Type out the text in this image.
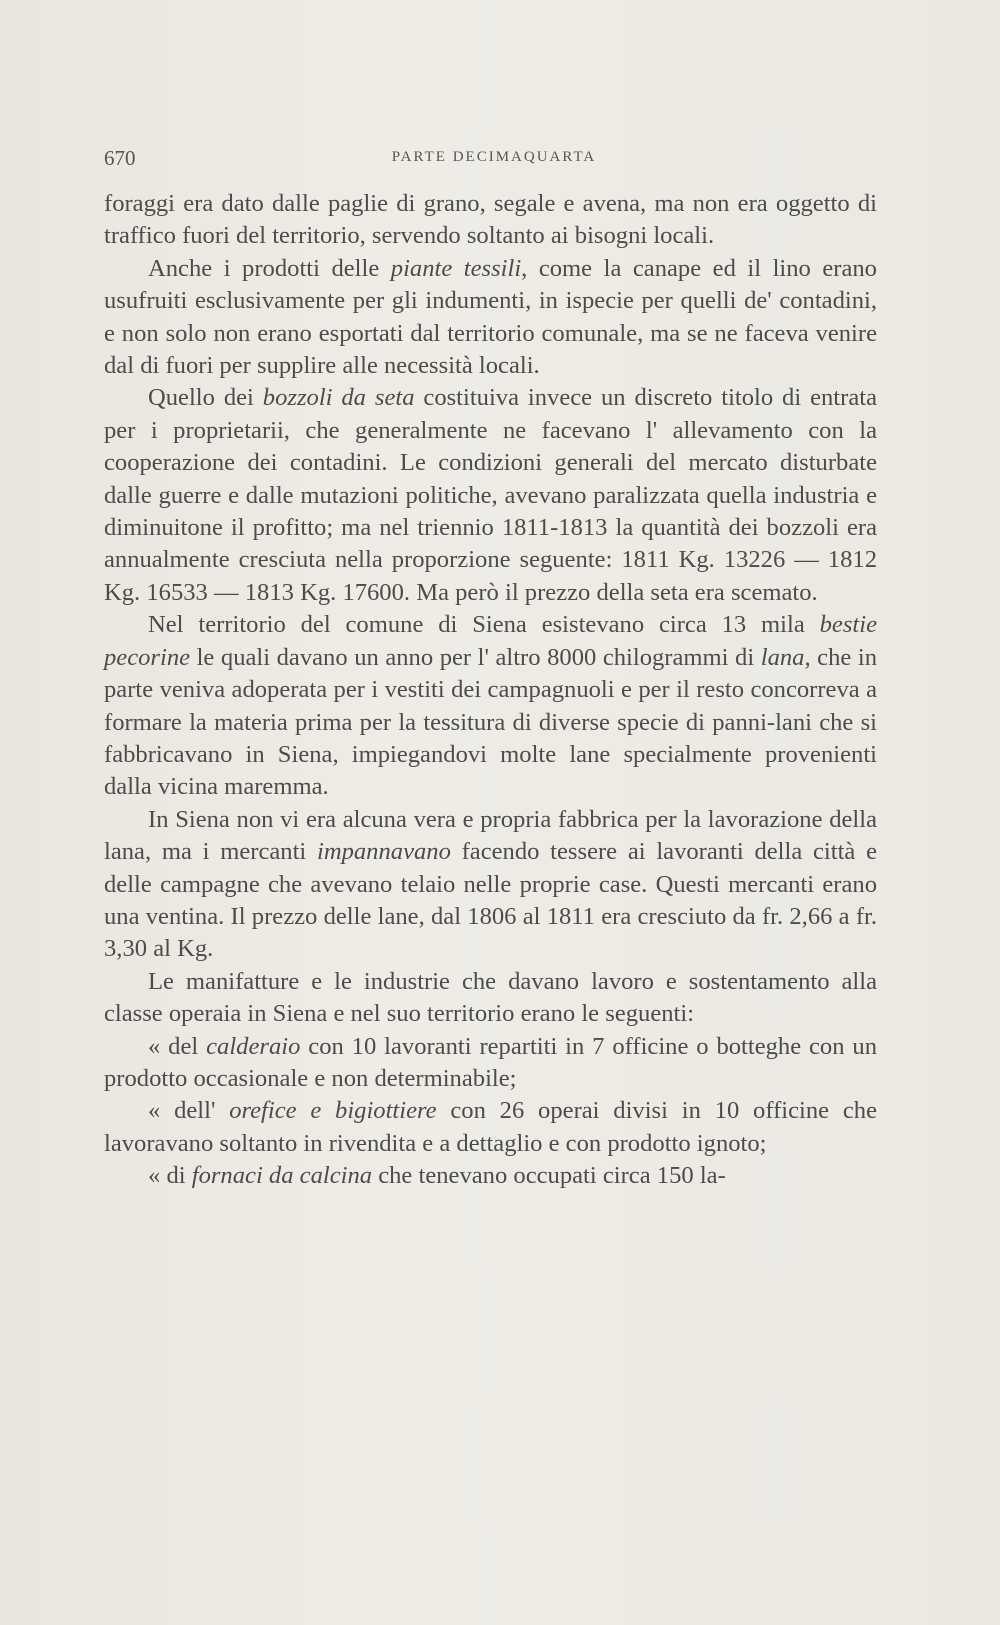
670	PARTE DECIMAQUARTA

foraggi era dato dalle paglie di grano, segale e avena, ma non era oggetto di traffico fuori del territorio, servendo soltanto ai bisogni locali.

Anche i prodotti delle piante tessili, come la canape ed il lino erano usufruiti esclusivamente per gli indumenti, in ispecie per quelli de' contadini, e non solo non erano esportati dal territorio comunale, ma se ne faceva venire dal di fuori per supplire alle necessità locali.

Quello dei bozzoli da seta costituiva invece un discreto titolo di entrata per i proprietarii, che generalmente ne facevano l' allevamento con la cooperazione dei contadini. Le condizioni generali del mercato disturbate dalle guerre e dalle mutazioni politiche, avevano paralizzata quella industria e diminuitone il profitto; ma nel triennio 1811-1813 la quantità dei bozzoli era annualmente cresciuta nella proporzione seguente: 1811 Kg. 13226 — 1812 Kg. 16533 — 1813 Kg. 17600. Ma però il prezzo della seta era scemato.

Nel territorio del comune di Siena esistevano circa 13 mila bestie pecorine le quali davano un anno per l' altro 8000 chilogrammi di lana, che in parte veniva adoperata per i vestiti dei campagnuoli e per il resto concorreva a formare la materia prima per la tessitura di diverse specie di panni-lani che si fabbricavano in Siena, impiegandovi molte lane specialmente provenienti dalla vicina maremma.

In Siena non vi era alcuna vera e propria fabbrica per la lavorazione della lana, ma i mercanti impannavano facendo tessere ai lavoranti della città e delle campagne che avevano telaio nelle proprie case. Questi mercanti erano una ventina. Il prezzo delle lane, dal 1806 al 1811 era cresciuto da fr. 2,66 a fr. 3,30 al Kg.

Le manifatture e le industrie che davano lavoro e sostentamento alla classe operaia in Siena e nel suo territorio erano le seguenti:

« del calderaio con 10 lavoranti repartiti in 7 officine o botteghe con un prodotto occasionale e non determinabile;

« dell' orefice e bigiottiere con 26 operai divisi in 10 officine che lavoravano soltanto in rivendita e a dettaglio e con prodotto ignoto;

« di fornaci da calcina che tenevano occupati circa 150 la-
